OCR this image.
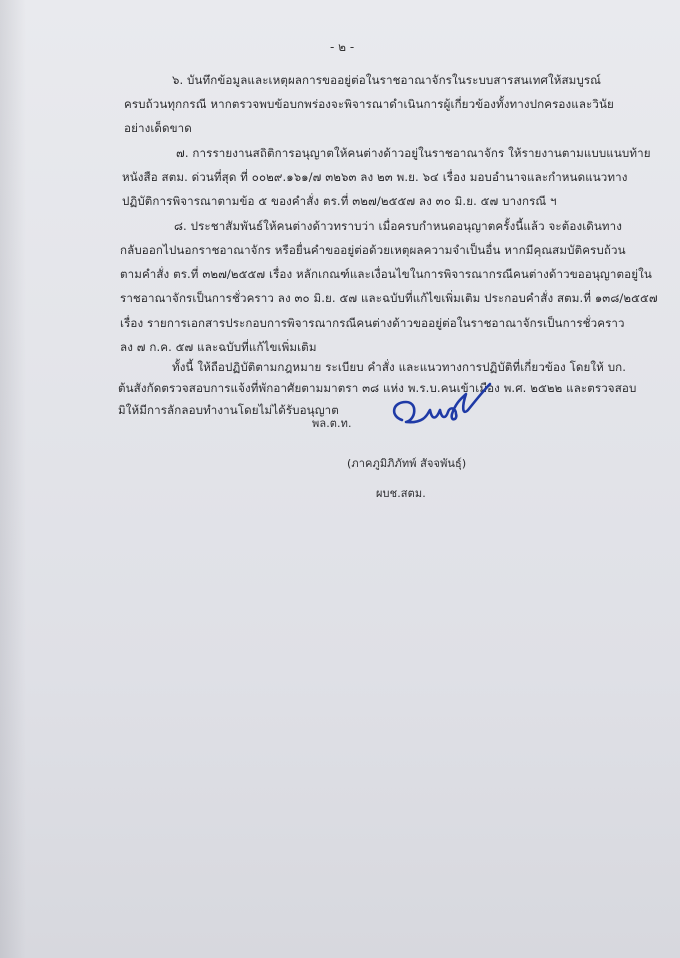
- ๒ -
๖. บันทึกข้อมูลและเหตุผลการขออยู่ต่อในราชอาณาจักรในระบบสารสนเทศให้สมบูรณ์
ครบถ้วนทุกกรณี หากตรวจพบข้อบกพร่องจะพิจารณาดำเนินการผู้เกี่ยวข้องทั้งทางปกครองและวินัย
อย่างเด็ดขาด
๗. การรายงานสถิติการอนุญาตให้คนต่างด้าวอยู่ในราชอาณาจักร ให้รายงานตามแบบแนบท้าย
หนังสือ สตม. ด่วนที่สุด ที่ ๐๐๒๙.๑๖๑/๗ ๓๒๖๓ ลง ๒๓ พ.ย. ๖๔ เรื่อง มอบอำนาจและกำหนดแนวทาง
ปฏิบัติการพิจารณาตามข้อ ๕ ของคำสั่ง ตร.ที่ ๓๒๗/๒๕๕๗ ลง ๓๐ มิ.ย. ๕๗ บางกรณี ฯ
๘. ประชาสัมพันธ์ให้คนต่างด้าวทราบว่า เมื่อครบกำหนดอนุญาตครั้งนี้แล้ว จะต้องเดินทาง
กลับออกไปนอกราชอาณาจักร หรือยื่นคำขออยู่ต่อด้วยเหตุผลความจำเป็นอื่น หากมีคุณสมบัติครบถ้วน
ตามคำสั่ง ตร.ที่ ๓๒๗/๒๕๕๗ เรื่อง หลักเกณฑ์และเงื่อนไขในการพิจารณากรณีคนต่างด้าวขออนุญาตอยู่ใน
ราชอาณาจักรเป็นการชั่วคราว ลง ๓๐ มิ.ย. ๕๗ และฉบับที่แก้ไขเพิ่มเติม ประกอบคำสั่ง สตม.ที่ ๑๓๘/๒๕๕๗
เรื่อง รายการเอกสารประกอบการพิจารณากรณีคนต่างด้าวขออยู่ต่อในราชอาณาจักรเป็นการชั่วคราว
ลง ๗ ก.ค. ๕๗ และฉบับที่แก้ไขเพิ่มเติม
ทั้งนี้ ให้ถือปฏิบัติตามกฎหมาย ระเบียบ คำสั่ง และแนวทางการปฏิบัติที่เกี่ยวข้อง โดยให้ บก.
ต้นสังกัดตรวจสอบการแจ้งที่พักอาศัยตามมาตรา ๓๘ แห่ง พ.ร.บ.คนเข้าเมือง พ.ศ. ๒๕๒๒ และตรวจสอบ
มิให้มีการลักลอบทำงานโดยไม่ได้รับอนุญาต
พล.ต.ท.
(ภาคภูมิภิภัทพ์ สัจจพันธุ์)
ผบช.สตม.
